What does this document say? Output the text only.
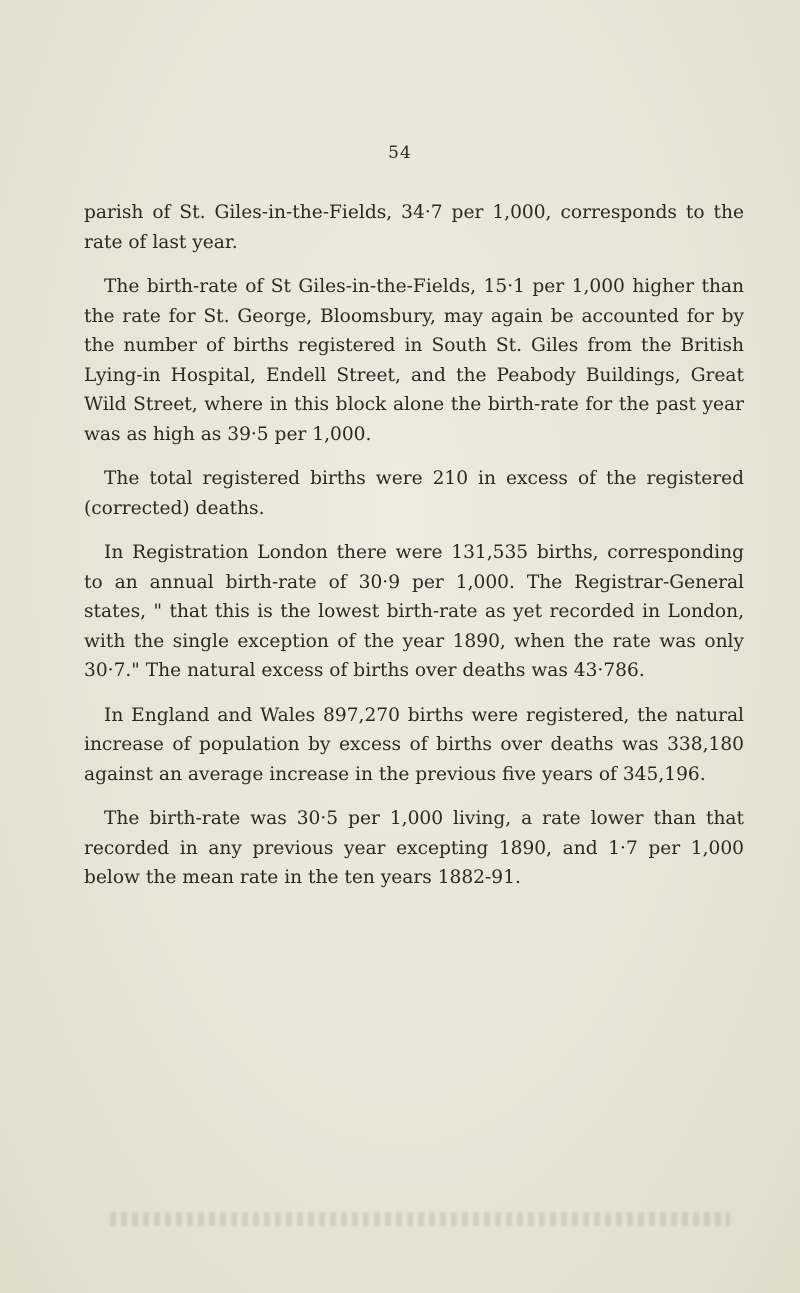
54

parish of St. Giles-in-the-Fields, 34·7 per 1,000, corresponds to the rate of last year.

The birth-rate of St Giles-in-the-Fields, 15·1 per 1,000 higher than the rate for St. George, Bloomsbury, may again be accounted for by the number of births registered in South St. Giles from the British Lying-in Hospital, Endell Street, and the Peabody Buildings, Great Wild Street, where in this block alone the birth-rate for the past year was as high as 39·5 per 1,000.

The total registered births were 210 in excess of the registered (corrected) deaths.

In Registration London there were 131,535 births, corresponding to an annual birth-rate of 30·9 per 1,000. The Registrar-General states, " that this is the lowest birth-rate as yet recorded in London, with the single exception of the year 1890, when the rate was only 30·7." The natural excess of births over deaths was 43·786.

In England and Wales 897,270 births were registered, the natural increase of population by excess of births over deaths was 338,180 against an average increase in the previous five years of 345,196.

The birth-rate was 30·5 per 1,000 living, a rate lower than that recorded in any previous year excepting 1890, and 1·7 per 1,000 below the mean rate in the ten years 1882-91.
